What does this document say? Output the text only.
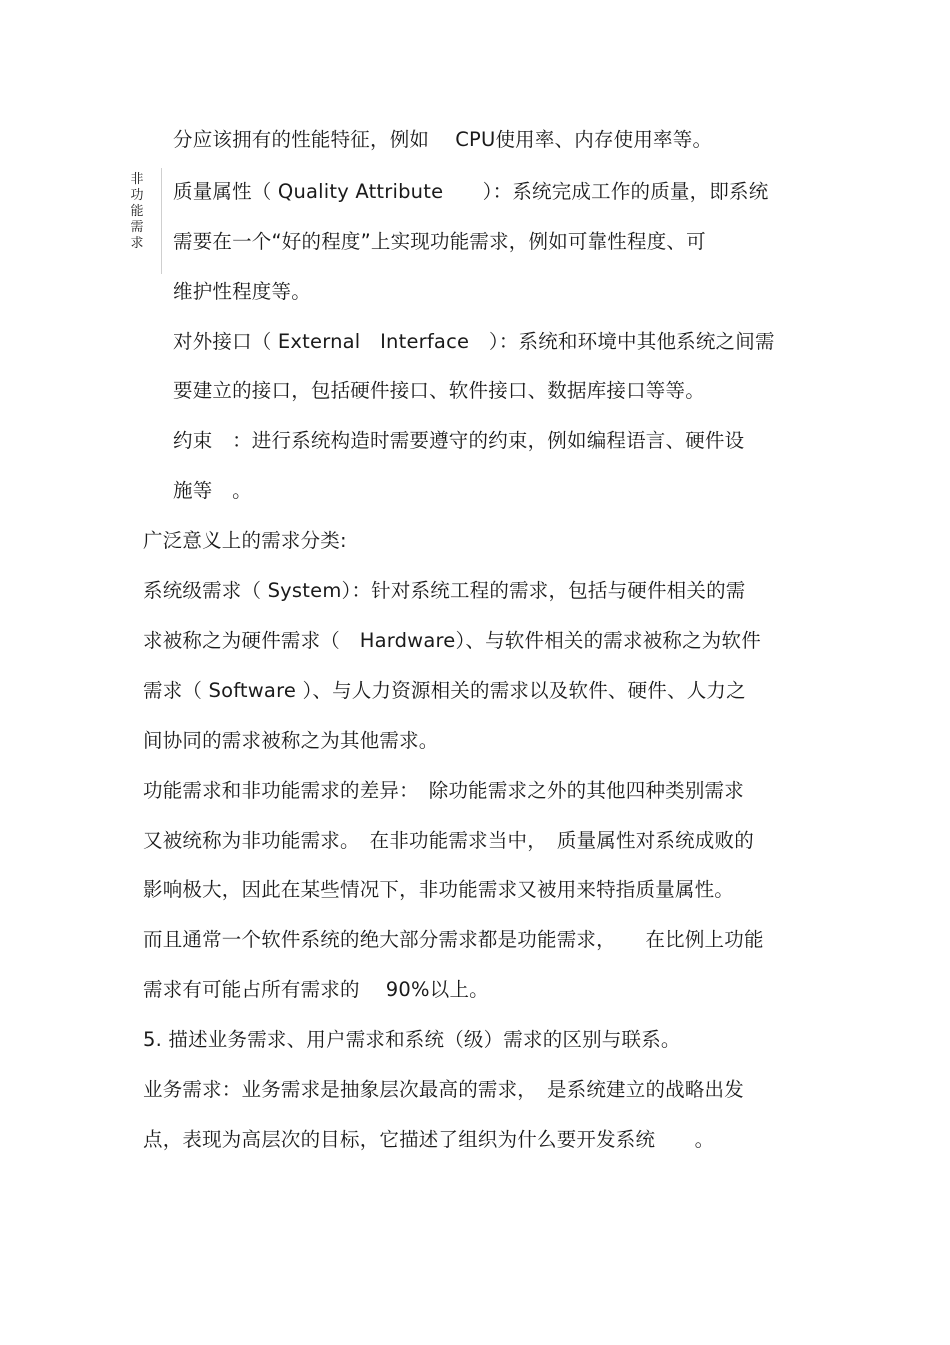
非功能需求
分应该拥有的性能特征，例如　 CPU使用率、内存使用率等。
质量属性（ Quality Attribute　　）：系统完成工作的质量，即系统
需要在一个“好的程度”上实现功能需求，例如可靠性程度、可
维护性程度等。
对外接口（ External　Interface　）：系统和环境中其他系统之间需
要建立的接口，包括硬件接口、软件接口、数据库接口等等。
约束　：进行系统构造时需要遵守的约束，例如编程语言、硬件设
施等　。
广泛意义上的需求分类:
系统级需求（ System）：针对系统工程的需求，包括与硬件相关的需
求被称之为硬件需求（　Hardware）、与软件相关的需求被称之为软件
需求（ Software ）、与人力资源相关的需求以及软件、硬件、人力之
间协同的需求被称之为其他需求。
功能需求和非功能需求的差异：　除功能需求之外的其他四种类别需求
又被统称为非功能需求。　在非功能需求当中，　质量属性对系统成败的
影响极大，因此在某些情况下，非功能需求又被用来特指质量属性。
而且通常一个软件系统的绝大部分需求都是功能需求，　　在比例上功能
需求有可能占所有需求的　 90%以上。
5. 描述业务需求、用户需求和系统（级）需求的区别与联系。
业务需求：业务需求是抽象层次最高的需求，　是系统建立的战略出发
点，表现为高层次的目标，它描述了组织为什么要开发系统　　。
